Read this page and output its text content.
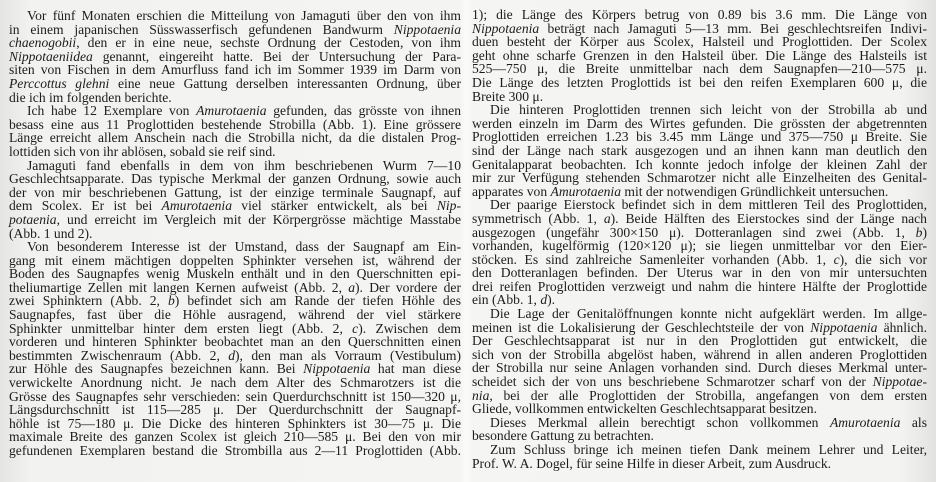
Vor fünf Monaten erschien die Mitteilung von Jamaguti über den von ihm
in einem japanischen Süsswasserfisch gefundenen Bandwurm Nippotaenia
chaenogobii, den er in eine neue, sechste Ordnung der Cestoden, von ihm
Nippotaeniidea genannt, eingereiht hatte. Bei der Untersuchung der Para-
siten von Fischen in dem Amurfluss fand ich im Sommer 1939 im Darm von
Perccottus glehni eine neue Gattung derselben interessanten Ordnung, über
die ich im folgenden berichte.
Ich habe 12 Exemplare von Amurotaenia gefunden, das grösste von ihnen
besass eine aus 11 Proglottiden bestehende Strobilla (Abb. 1). Eine grössere
Länge erreicht allem Anschein nach die Strobilla nicht, da die distalen Prog-
lottiden sich von ihr ablösen, sobald sie reif sind.
Jamaguti fand ebenfalls in dem von ihm beschriebenen Wurm 7—10
Geschlechtsapparate. Das typische Merkmal der ganzen Ordnung, sowie auch
der von mir beschriebenen Gattung, ist der einzige terminale Saugnapf, auf
dem Scolex. Er ist bei Amurotaenia viel stärker entwickelt, als bei Nip-
potaenia, und erreicht im Vergleich mit der Körpergrösse mächtige Masstabe
(Abb. 1 und 2).
Von besonderem Interesse ist der Umstand, dass der Saugnapf am Ein-
gang mit einem mächtigen doppelten Sphinkter versehen ist, während der
Boden des Saugnapfes wenig Muskeln enthält und in den Querschnitten epi-
theliumartige Zellen mit langen Kernen aufweist (Abb. 2, a). Der vordere der
zwei Sphinktern (Abb. 2, b) befindet sich am Rande der tiefen Höhle des
Saugnapfes, fast über die Höhle ausragend, während der viel stärkere
Sphinkter unmittelbar hinter dem ersten liegt (Abb. 2, c). Zwischen dem
vorderen und hinteren Sphinkter beobachtet man an den Querschnitten einen
bestimmten Zwischenraum (Abb. 2, d), den man als Vorraum (Vestibulum)
zur Höhle des Saugnapfes bezeichnen kann. Bei Nippotaenia hat man diese
verwickelte Anordnung nicht. Je nach dem Alter des Schmarotzers ist die
Grösse des Saugnapfes sehr verschieden: sein Querdurchschnitt ist 150—320 μ,
Längsdurchschnitt ist 115—285 μ. Der Querdurchschnitt der Saugnapf-
höhle ist 75—180 μ. Die Dicke des hinteren Sphinkters ist 30—75 μ. Die
maximale Breite des ganzen Scolex ist gleich 210—585 μ. Bei den von mir
gefundenen Exemplaren bestand die Strombilla aus 2—11 Proglottiden (Abb.
1); die Länge des Körpers betrug von 0.89 bis 3.6 mm. Die Länge von
Nippotaenia beträgt nach Jamaguti 5—13 mm. Bei geschlechtsreifen Indivi-
duen besteht der Körper aus Scolex, Halsteil und Proglottiden. Der Scolex
geht ohne scharfe Grenzen in den Halsteil über. Die Länge des Halsteils ist
525—750 μ, die Breite unmittelbar nach dem Saugnapfen—210—575 μ.
Die Länge des letzten Proglottids ist bei den reifen Exemplaren 600 μ, die
Breite 300 μ.
Die hinteren Proglottiden trennen sich leicht von der Strobilla ab und
werden einzeln im Darm des Wirtes gefunden. Die grössten der abgetrennten
Proglottiden erreichen 1.23 bis 3.45 mm Länge und 375—750 μ Breite. Sie
sind der Länge nach stark ausgezogen und an ihnen kann man deutlich den
Genitalapparat beobachten. Ich konnte jedoch infolge der kleinen Zahl der
mir zur Verfügung stehenden Schmarotzer nicht alle Einzelheiten des Genital-
apparates von Amurotaenia mit der notwendigen Gründlichkeit untersuchen.
Der paarige Eierstock befindet sich in dem mittleren Teil des Proglottiden,
symmetrisch (Abb. 1, a). Beide Hälften des Eierstockes sind der Länge nach
ausgezogen (ungefähr 300×150 μ). Dotteranlagen sind zwei (Abb. 1, b)
vorhanden, kugelförmig (120×120 μ); sie liegen unmittelbar vor den Eier-
stöcken. Es sind zahlreiche Samenleiter vorhanden (Abb. 1, c), die sich vor
den Dotteranlagen befinden. Der Uterus war in den von mir untersuchten
drei reifen Proglottiden verzweigt und nahm die hintere Hälfte der Proglottide
ein (Abb. 1, d).
Die Lage der Genitalöffnungen konnte nicht aufgeklärt werden. Im allge-
meinen ist die Lokalisierung der Geschlechtsteile der von Nippotaenia ähnlich.
Der Geschlechtsapparat ist nur in den Proglottiden gut entwickelt, die
sich von der Strobilla abgelöst haben, während in allen anderen Proglottiden
der Strobilla nur seine Anlagen vorhanden sind. Durch dieses Merkmal unter-
scheidet sich der von uns beschriebene Schmarotzer scharf von der Nippotae-
nia, bei der alle Proglottiden der Strobilla, angefangen von dem ersten
Gliede, vollkommen entwickelten Geschlechtsapparat besitzen.
Dieses Merkmal allein berechtigt schon vollkommen Amurotaenia als
besondere Gattung zu betrachten.
Zum Schluss bringe ich meinen tiefen Dank meinem Lehrer und Leiter,
Prof. W. A. Dogel, für seine Hilfe in dieser Arbeit, zum Ausdruck.
